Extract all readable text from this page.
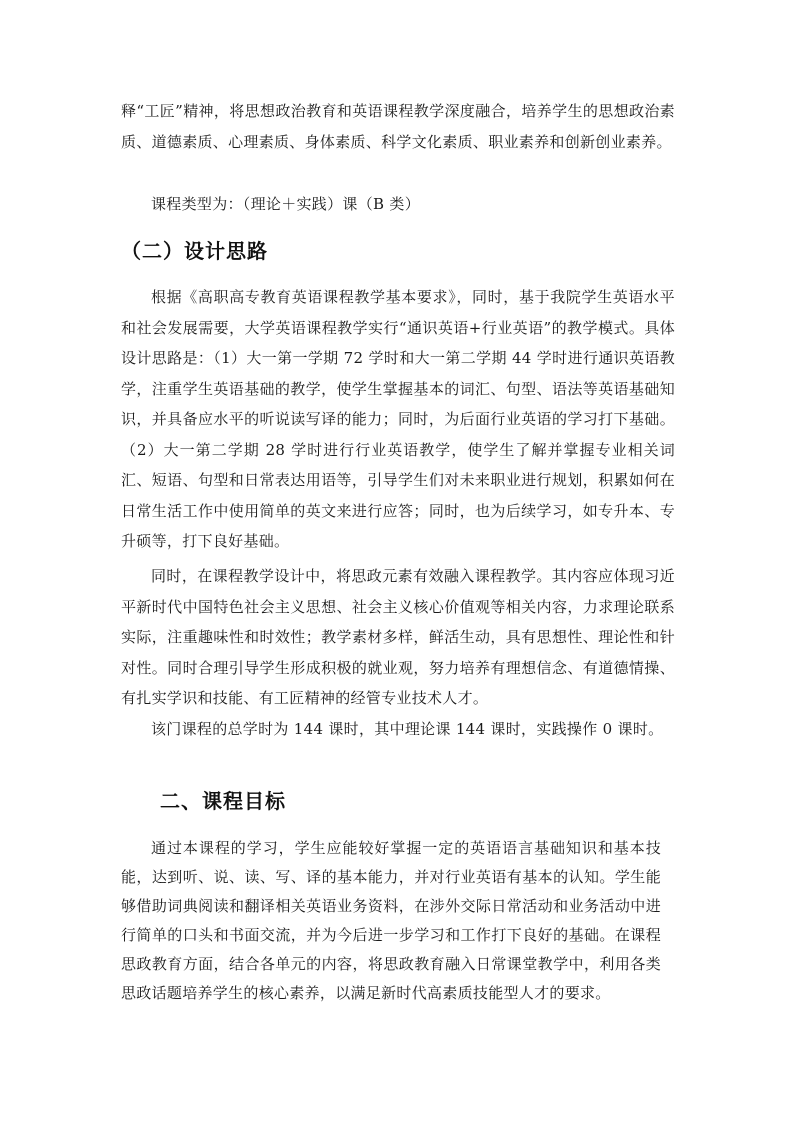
释“工匠”精神，将思想政治教育和英语课程教学深度融合，培养学生的思想政治素质、道德素质、心理素质、身体素质、科学文化素质、职业素养和创新创业素养。

课程类型为：（理论＋实践）课（B 类）

（二）设计思路

根据《高职高专教育英语课程教学基本要求》，同时，基于我院学生英语水平和社会发展需要，大学英语课程教学实行“通识英语+行业英语”的教学模式。具体设计思路是：（1）大一第一学期 72 学时和大一第二学期 44 学时进行通识英语教学，注重学生英语基础的教学，使学生掌握基本的词汇、句型、语法等英语基础知识，并具备应水平的听说读写译的能力；同时，为后面行业英语的学习打下基础。（2）大一第二学期 28 学时进行行业英语教学，使学生了解并掌握专业相关词汇、短语、句型和日常表达用语等，引导学生们对未来职业进行规划，积累如何在日常生活工作中使用简单的英文来进行应答；同时，也为后续学习，如专升本、专升硕等，打下良好基础。

同时，在课程教学设计中，将思政元素有效融入课程教学。其内容应体现习近平新时代中国特色社会主义思想、社会主义核心价值观等相关内容，力求理论联系实际，注重趣味性和时效性；教学素材多样，鲜活生动，具有思想性、理论性和针对性。同时合理引导学生形成积极的就业观，努力培养有理想信念、有道德情操、有扎实学识和技能、有工匠精神的经管专业技术人才。

该门课程的总学时为 144 课时，其中理论课 144 课时，实践操作 0 课时。

二、课程目标

通过本课程的学习，学生应能较好掌握一定的英语语言基础知识和基本技能，达到听、说、读、写、译的基本能力，并对行业英语有基本的认知。学生能够借助词典阅读和翻译相关英语业务资料，在涉外交际日常活动和业务活动中进行简单的口头和书面交流，并为今后进一步学习和工作打下良好的基础。在课程思政教育方面，结合各单元的内容，将思政教育融入日常课堂教学中，利用各类思政话题培养学生的核心素养，以满足新时代高素质技能型人才的要求。
